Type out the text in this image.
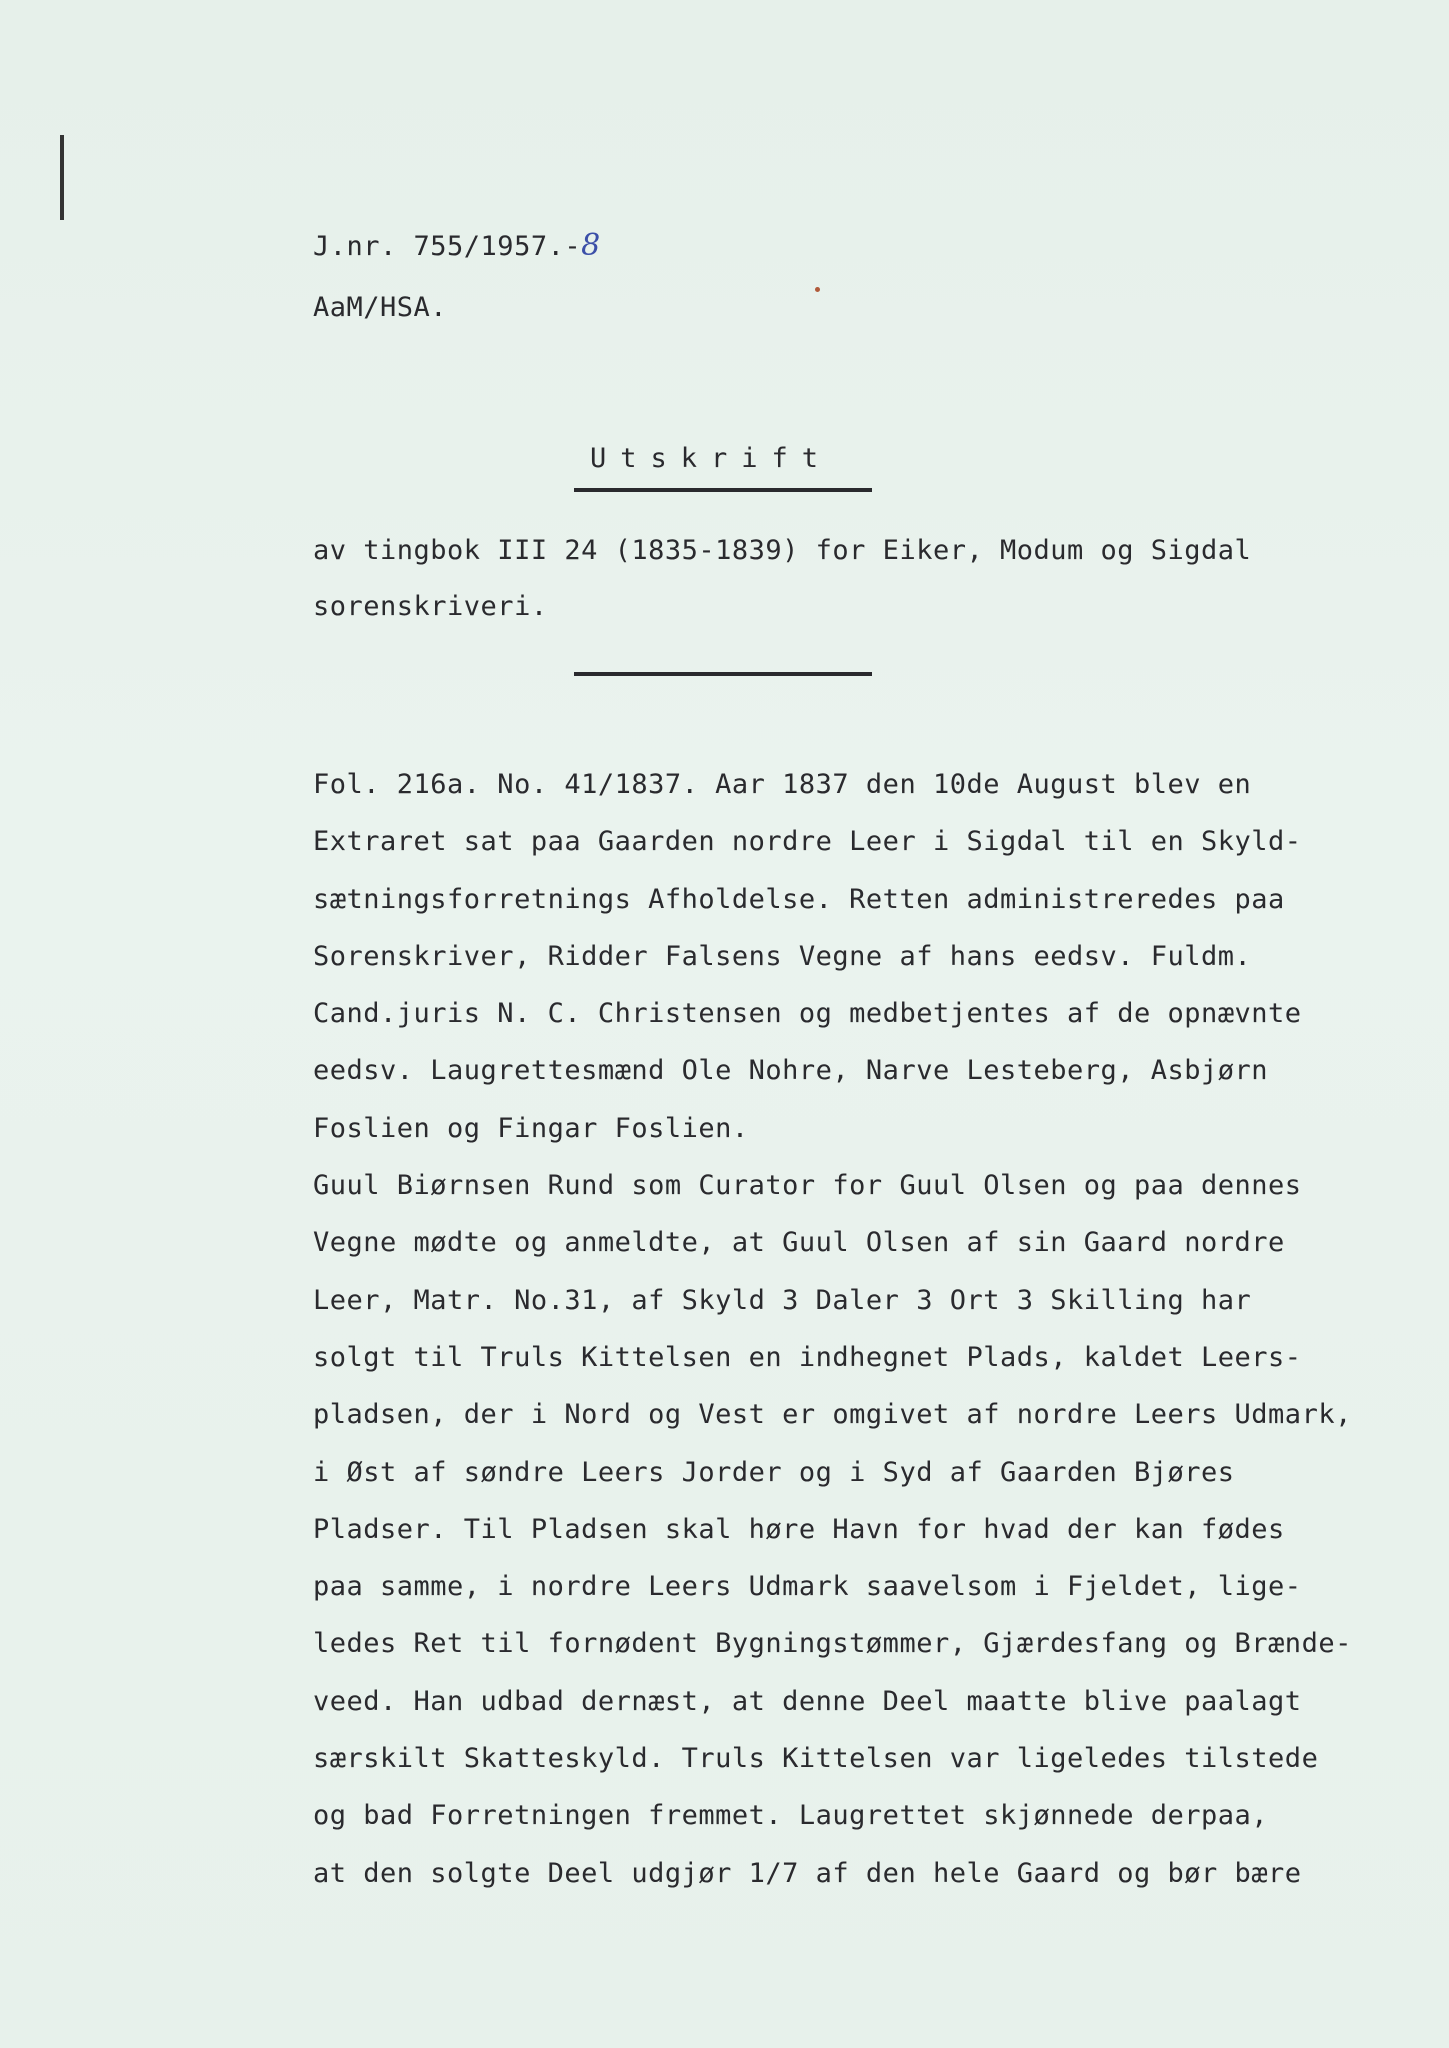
J.nr. 755/1957.-8
AaM/HSA.
Utskrift
av tingbok III 24 (1835-1839) for Eiker, Modum og Sigdal
sorenskriveri.
Fol. 216a. No. 41/1837. Aar 1837 den 10de August blev en
Extraret sat paa Gaarden nordre Leer i Sigdal til en Skyld-
sætningsforretnings Afholdelse. Retten administreredes paa
Sorenskriver, Ridder Falsens Vegne af hans eedsv. Fuldm.
Cand.juris N. C. Christensen og medbetjentes af de opnævnte
eedsv. Laugrettesmænd Ole Nohre, Narve Lesteberg, Asbjørn
Foslien og Fingar Foslien.
Guul Biørnsen Rund som Curator for Guul Olsen og paa dennes
Vegne mødte og anmeldte, at Guul Olsen af sin Gaard nordre
Leer, Matr. No.31, af Skyld 3 Daler 3 Ort 3 Skilling har
solgt til Truls Kittelsen en indhegnet Plads, kaldet Leers-
pladsen, der i Nord og Vest er omgivet af nordre Leers Udmark,
i Øst af søndre Leers Jorder og i Syd af Gaarden Bjøres
Pladser. Til Pladsen skal høre Havn for hvad der kan fødes
paa samme, i nordre Leers Udmark saavelsom i Fjeldet, lige-
ledes Ret til fornødent Bygningstømmer, Gjærdesfang og Brænde-
veed. Han udbad dernæst, at denne Deel maatte blive paalagt
særskilt Skatteskyld. Truls Kittelsen var ligeledes tilstede
og bad Forretningen fremmet. Laugrettet skjønnede derpaa,
at den solgte Deel udgjør 1/7 af den hele Gaard og bør bære
